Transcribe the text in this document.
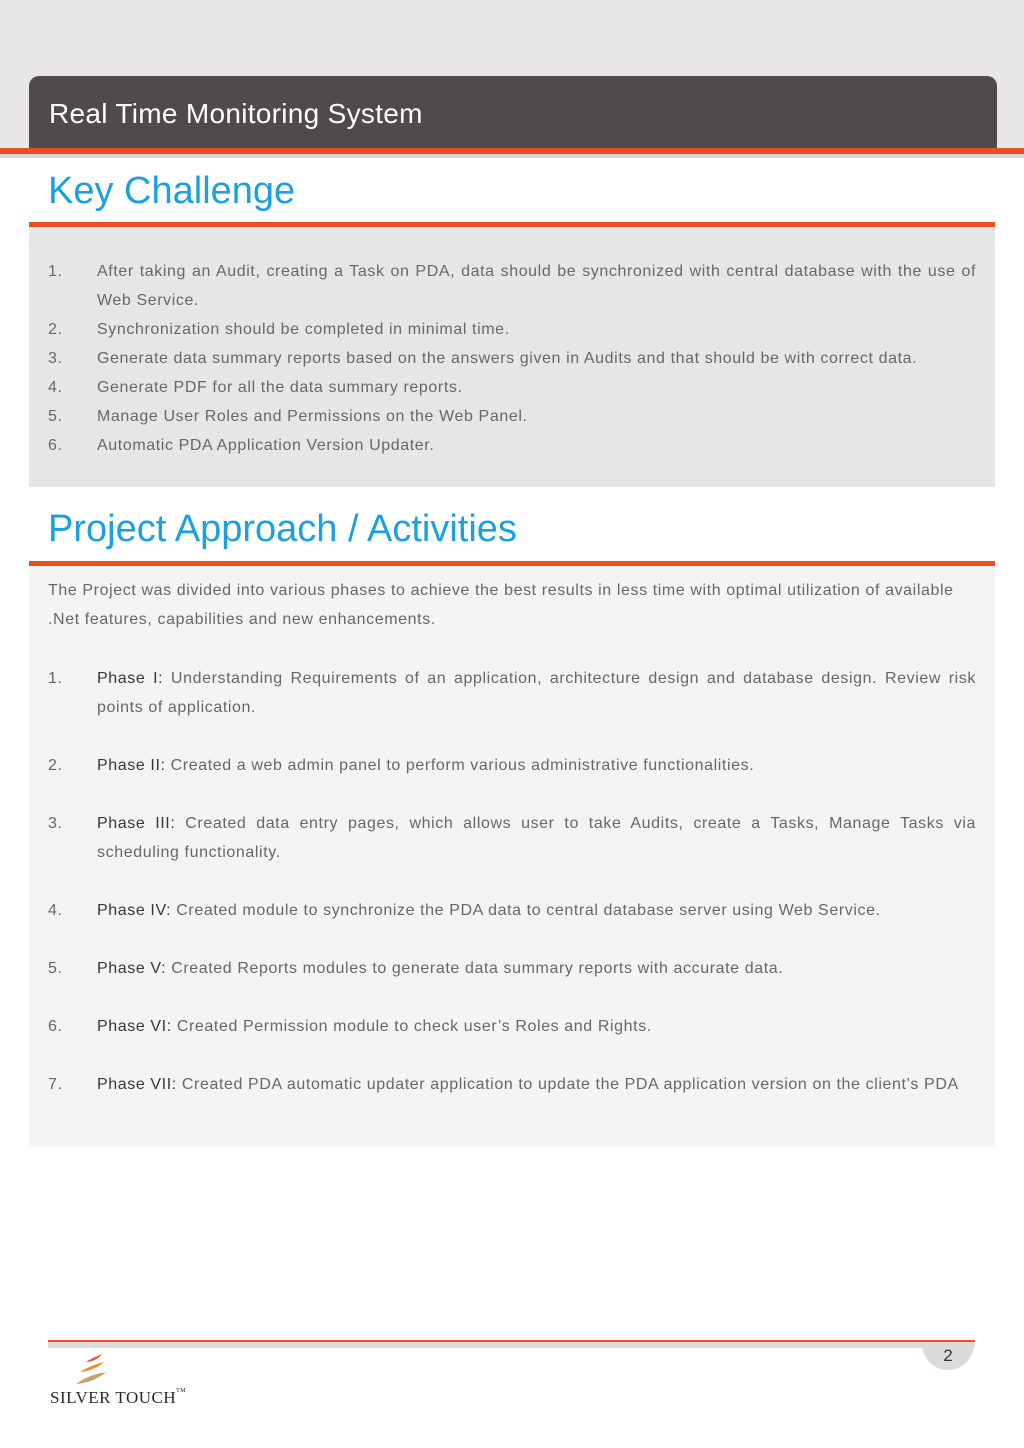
Real Time Monitoring System
Key Challenge
1. After taking an Audit, creating a Task on PDA, data should be synchronized with central database with the use of Web Service.
2. Synchronization should be completed in minimal time.
3. Generate data summary reports based on the answers given in Audits and that should be with correct data.
4. Generate PDF for all the data summary reports.
5. Manage User Roles and Permissions on the Web Panel.
6. Automatic PDA Application Version Updater.
Project Approach / Activities

The Project was divided into various phases to achieve the best results in less time with optimal utilization of available .Net features, capabilities and new enhancements.

1. Phase I: Understanding Requirements of an application, architecture design and database design. Review risk points of application.
2. Phase II: Created a web admin panel to perform various administrative functionalities.
3. Phase III: Created data entry pages, which allows user to take Audits, create a Tasks, Manage Tasks via scheduling functionality.
4. Phase IV: Created module to synchronize the PDA data to central database server using Web Service.
5. Phase V: Created Reports modules to generate data summary reports with accurate data.
6. Phase VI: Created Permission module to check user’s Roles and Rights.
7. Phase VII: Created PDA automatic updater application to update the PDA application version on the client’s PDA
2
SILVER TOUCH™
